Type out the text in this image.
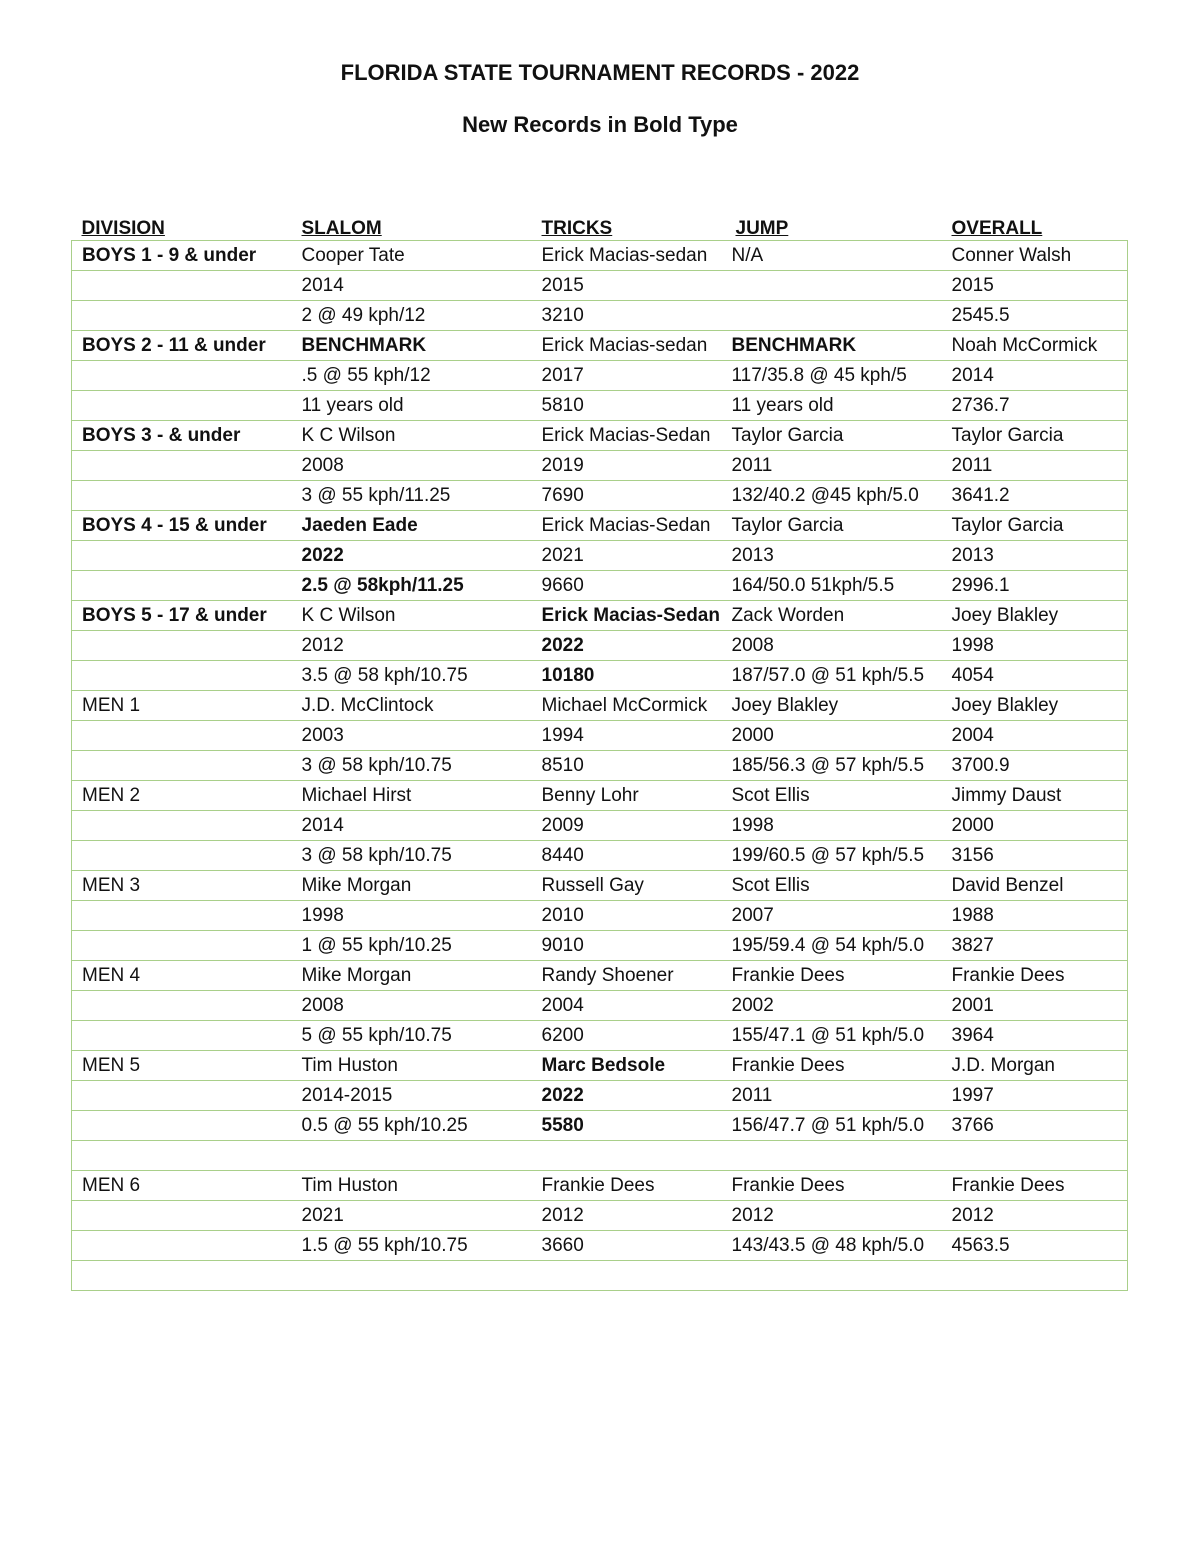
FLORIDA STATE TOURNAMENT RECORDS - 2022
New Records in Bold Type
DIVISION	SLALOM	TRICKS	JUMP	OVERALL
BOYS 1 - 9 & under	Cooper Tate	Erick Macias-sedan	N/A	Conner Walsh
	2014	2015		2015
	2 @ 49 kph/12	3210		2545.5
BOYS 2 - 11 & under	BENCHMARK	Erick Macias-sedan	BENCHMARK	Noah McCormick
	.5 @ 55 kph/12	2017	117/35.8 @ 45 kph/5	2014
	11 years old	5810	11 years old	2736.7
BOYS 3 - & under	K C Wilson	Erick Macias-Sedan	Taylor Garcia	Taylor Garcia
	2008	2019	2011	2011
	3 @ 55 kph/11.25	7690	132/40.2 @45 kph/5.0	3641.2
BOYS 4 - 15 & under	Jaeden Eade	Erick Macias-Sedan	Taylor Garcia	Taylor Garcia
	2022	2021	2013	2013
	2.5 @ 58kph/11.25	9660	164/50.0 51kph/5.5	2996.1
BOYS 5 - 17 & under	K C Wilson	Erick Macias-Sedan	Zack Worden	Joey Blakley
	2012	2022	2008	1998
	3.5 @ 58 kph/10.75	10180	187/57.0 @ 51 kph/5.5	4054
MEN 1	J.D. McClintock	Michael McCormick	Joey Blakley	Joey Blakley
	2003	1994	2000	2004
	3 @ 58 kph/10.75	8510	185/56.3 @ 57 kph/5.5	3700.9
MEN 2	Michael Hirst	Benny Lohr	Scot Ellis	Jimmy Daust
	2014	2009	1998	2000
	3 @ 58 kph/10.75	8440	199/60.5 @ 57 kph/5.5	3156
MEN 3	Mike Morgan	Russell Gay	Scot Ellis	David Benzel
	1998	2010	2007	1988
	1 @ 55 kph/10.25	9010	195/59.4 @ 54 kph/5.0	3827
MEN 4	Mike Morgan	Randy Shoener	Frankie Dees	Frankie Dees
	2008	2004	2002	2001
	5 @ 55 kph/10.75	6200	155/47.1 @ 51 kph/5.0	3964
MEN 5	Tim Huston	Marc Bedsole	Frankie Dees	J.D. Morgan
	2014-2015	2022	2011	1997
	0.5 @ 55 kph/10.25	5580	156/47.7 @ 51 kph/5.0	3766

MEN 6	Tim Huston	Frankie Dees	Frankie Dees	Frankie Dees
	2021	2012	2012	2012
	1.5 @ 55 kph/10.75	3660	143/43.5 @ 48 kph/5.0	4563.5
